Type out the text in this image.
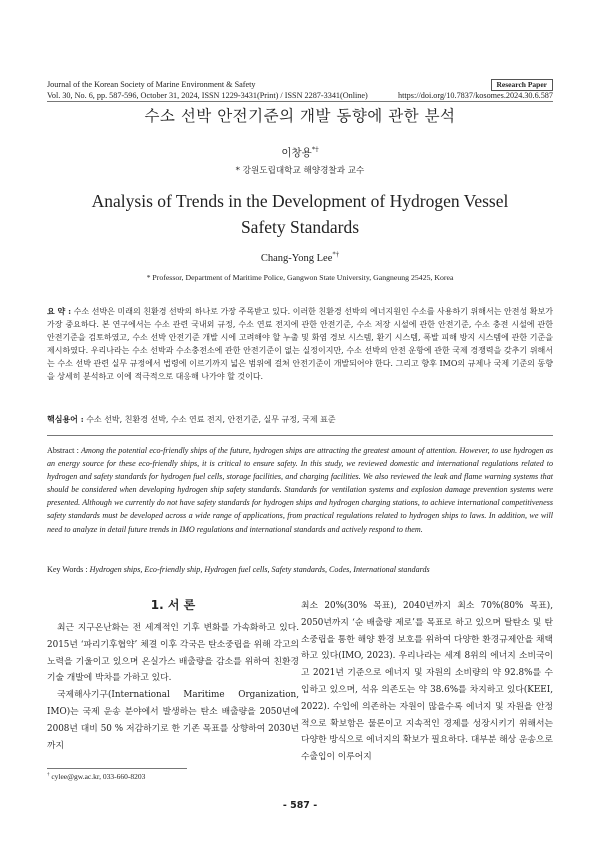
Journal of the Korean Society of Marine Environment & Safety
Vol. 30, No. 6, pp. 587-596, October 31, 2024, ISSN 1229-3431(Print) / ISSN 2287-3341(Online)
Research Paper
https://doi.org/10.7837/kosomes.2024.30.6.587
수소 선박 안전기준의 개발 동향에 관한 분석
이창용*†
* 강원도립대학교 해양경찰과 교수
Analysis of Trends in the Development of Hydrogen Vessel Safety Standards
Chang-Yong Lee*†
* Professor, Department of Maritime Police, Gangwon State University, Gangneung 25425, Korea
요 약 : 수소 선박은 미래의 친환경 선박의 하나로 가장 주목받고 있다. 이러한 친환경 선박의 에너지원인 수소를 사용하기 위해서는 안전성 확보가 가장 중요하다. 본 연구에서는 수소 관련 국내외 규정, 수소 연료 전지에 관한 안전기준, 수소 저장 시설에 관한 안전기준, 수소 충전 시설에 관한 안전기준을 검토하였고, 수소 선박 안전기준 개발 시에 고려해야 할 누출 및 화염 경보 시스템, 환기 시스템, 폭발 피해 방지 시스템에 관한 기준을 제시하였다. 우리나라는 수소 선박과 수소충전소에 관한 안전기준이 없는 실정이지만, 수소 선박의 안전 운항에 관한 국제 경쟁력을 갖추기 위해서는 수소 선박 관련 실무 규정에서 법령에 이르기까지 넓은 범위에 걸쳐 안전기준이 개발되어야 한다. 그리고 향후 IMO의 규제나 국제 기준의 동향을 상세히 분석하고 이에 적극적으로 대응해 나가야 할 것이다.
핵심용어 : 수소 선박, 친환경 선박, 수소 연료 전지, 안전기준, 실무 규정, 국제 표준
Abstract : Among the potential eco-friendly ships of the future, hydrogen ships are attracting the greatest amount of attention. However, to use hydrogen as an energy source for these eco-friendly ships, it is critical to ensure safety. In this study, we reviewed domestic and international regulations related to hydrogen and safety standards for hydrogen fuel cells, storage facilities, and charging facilities. We also reviewed the leak and flame warning systems that should be considered when developing hydrogen ship safety standards. Standards for ventilation systems and explosion damage prevention systems were presented. Although we currently do not have safety standards for hydrogen ships and hydrogen charging stations, to achieve international competitiveness safety standards must be developed across a wide range of applications, from practical regulations related to hydrogen ships to laws. In addition, we will need to analyze in detail future trends in IMO regulations and international standards and actively respond to them.
Key Words : Hydrogen ships, Eco-friendly ship, Hydrogen fuel cells, Safety standards, Codes, International standards
1. 서 론

최근 지구온난화는 전 세계적인 기후 변화를 가속화하고 있다. 2015년 ‘파리기후협약’ 체결 이후 각국은 탄소중립을 위해 각고의 노력을 기울이고 있으며 온실가스 배출량을 감소를 위하여 친환경기술 개발에 박차를 가하고 있다.

국제해사기구(International Maritime Organization, IMO)는 국제 운송 분야에서 발생하는 탄소 배출량을 2050년에 2008년 대비 50 % 저감하기로 한 기존 목표를 상향하여 2030년까지

최소 20%(30% 목표), 2040년까지 최소 70%(80% 목표), 2050년까지 ‘순 배출량 제로’를 목표로 하고 있으며 탈탄소 및 탄소중립을 통한 해양 환경 보호를 위하여 다양한 환경규제안을 채택하고 있다(IMO, 2023). 우리나라는 세계 8위의 에너지 소비국이고 2021년 기준으로 에너지 및 자원의 소비량의 약 92.8%를 수입하고 있으며, 석유 의존도는 약 38.6%를 차지하고 있다(KEEI, 2022). 수입에 의존하는 자원이 많을수록 에너지 및 자원을 안정적으로 확보함은 물론이고 지속적인 경제를 성장시키기 위해서는 다양한 방식으로 에너지의 확보가 필요하다. 대부분 해상 운송으로 수출입이 이루어지

† cylee@gw.ac.kr, 033-660-8203
- 587 -
